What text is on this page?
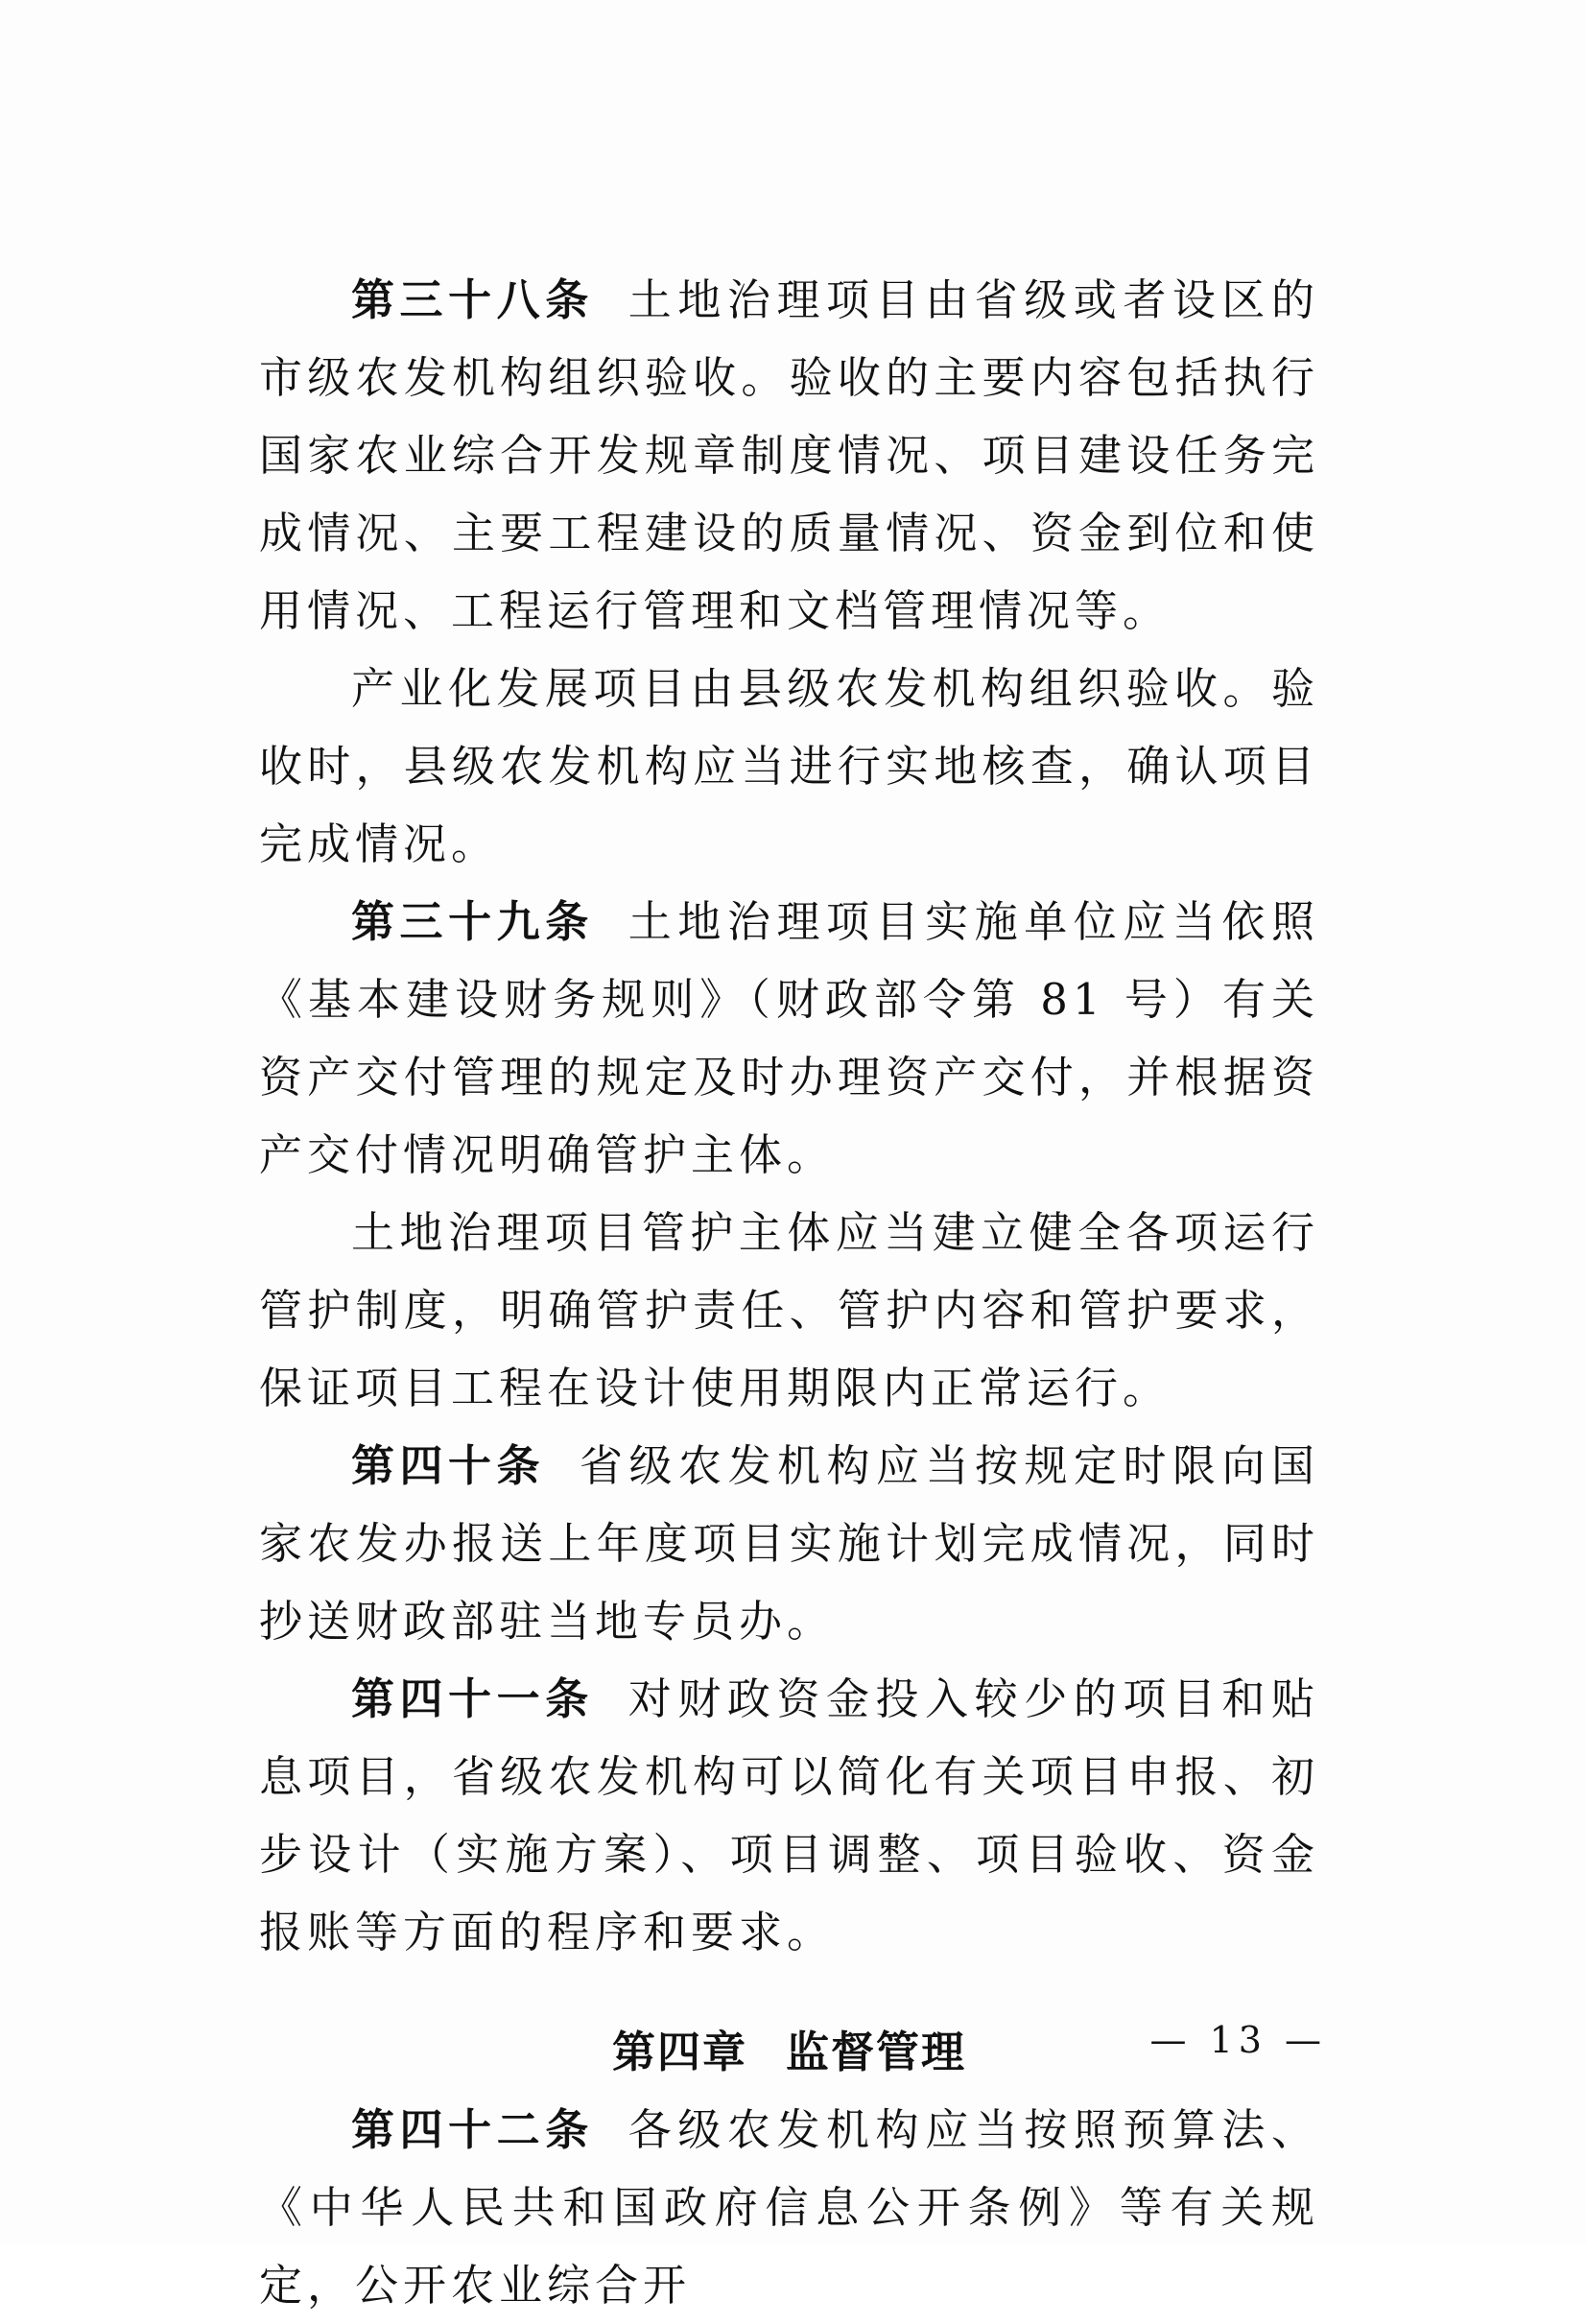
第三十八条 土地治理项目由省级或者设区的市级农发机构组织验收。验收的主要内容包括执行国家农业综合开发规章制度情况、项目建设任务完成情况、主要工程建设的质量情况、资金到位和使用情况、工程运行管理和文档管理情况等。

产业化发展项目由县级农发机构组织验收。验收时，县级农发机构应当进行实地核查，确认项目完成情况。

第三十九条 土地治理项目实施单位应当依照《基本建设财务规则》（财政部令第 81 号）有关资产交付管理的规定及时办理资产交付，并根据资产交付情况明确管护主体。

土地治理项目管护主体应当建立健全各项运行管护制度，明确管护责任、管护内容和管护要求，保证项目工程在设计使用期限内正常运行。

第四十条 省级农发机构应当按规定时限向国家农发办报送上年度项目实施计划完成情况，同时抄送财政部驻当地专员办。

第四十一条 对财政资金投入较少的项目和贴息项目，省级农发机构可以简化有关项目申报、初步设计（实施方案）、项目调整、项目验收、资金报账等方面的程序和要求。

第四章 监督管理

第四十二条 各级农发机构应当按照预算法、《中华人民共和国政府信息公开条例》等有关规定，公开农业综合开

— 13 —
